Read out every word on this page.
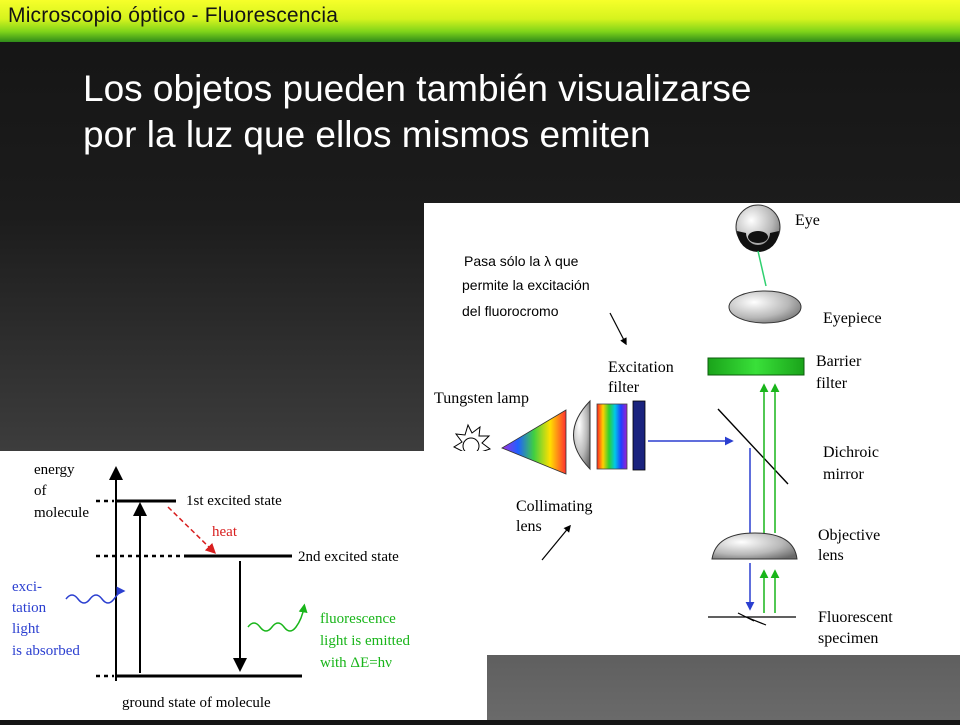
Microscopio óptico - Fluorescencia
Los objetos pueden también visualizarse
por la luz que ellos mismos emiten
Pasa sólo la λ que
permite la excitación
del fluorocromo
Eye
Eyepiece
Barrier
filter
Excitation
filter
Tungsten lamp
Collimating
lens
Dichroic
mirror
Objective
lens
Fluorescent
specimen
energy
of
molecule
1st excited state
heat
2nd excited state
ground state of molecule
exci-
tation
light
is absorbed
fluorescence
light is emitted
with ΔE=hν
